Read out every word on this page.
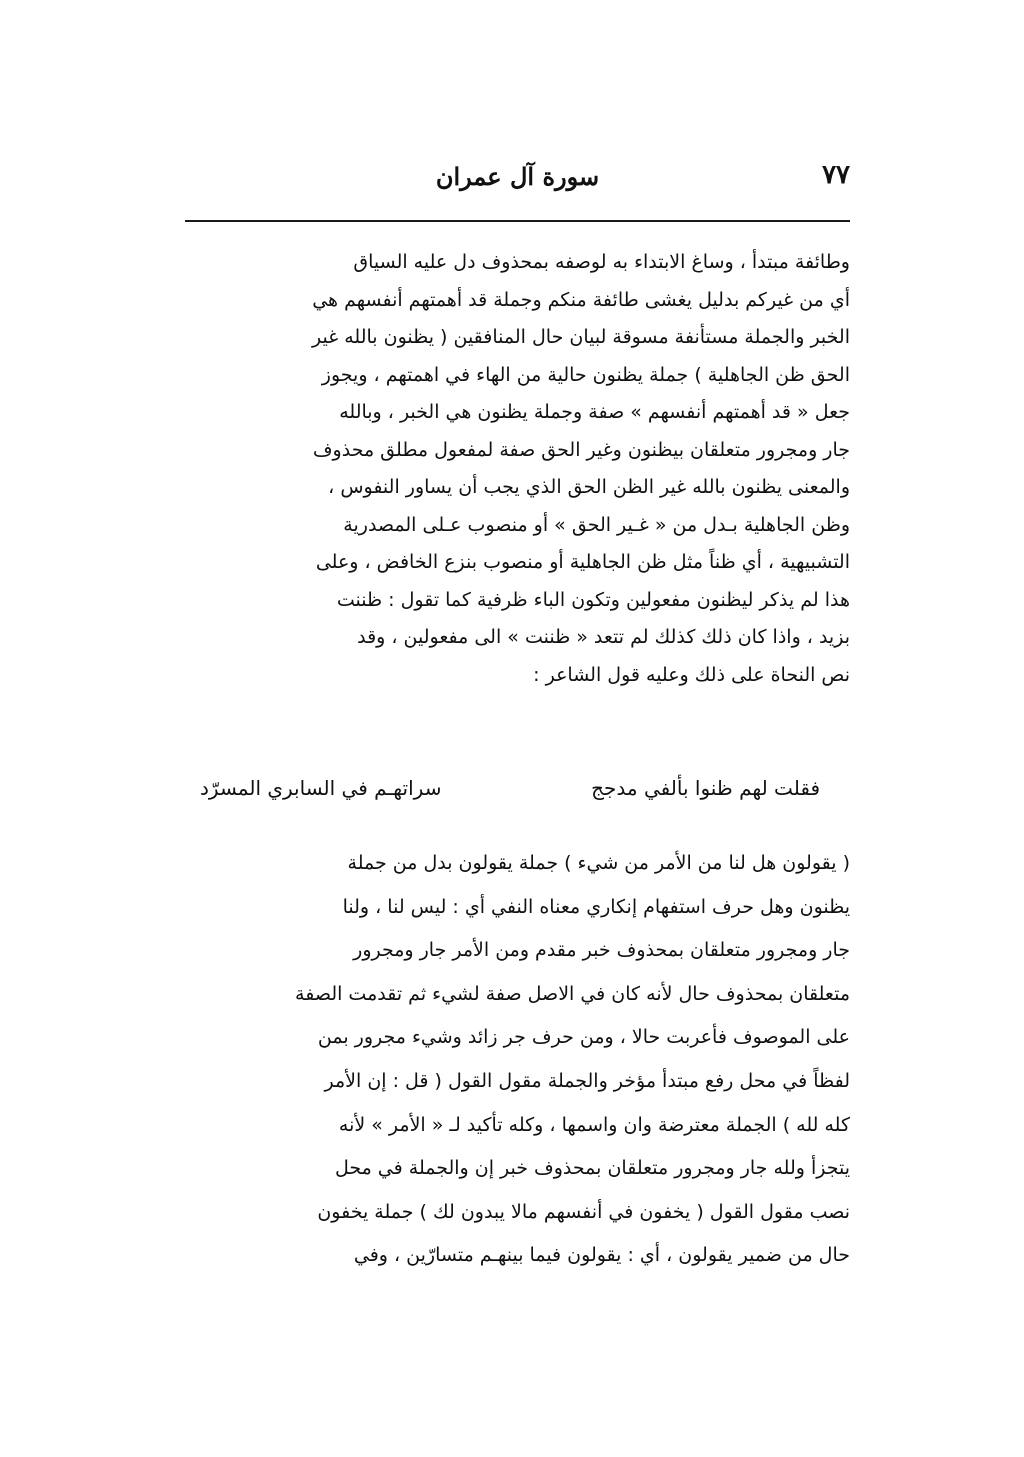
٧٧
سورة آل عمران
وطائفة مبتدأ ، وساغ الابتداء به لوصفه بمحذوف دل عليه السياق
أي من غيركم بدليل يغشى طائفة منكم وجملة قد أهمتهم أنفسهم هي
الخبر والجملة مستأنفة مسوقة لبيان حال المنافقين ( يظنون بالله غير
الحق ظن الجاهلية ) جملة يظنون حالية من الهاء في اهمتهم ، ويجوز
جعل « قد أهمتهم أنفسهم » صفة وجملة يظنون هي الخبر ، وبالله
جار ومجرور متعلقان بيظنون وغير الحق صفة لمفعول مطلق محذوف
والمعنى يظنون بالله غير الظن الحق الذي يجب أن يساور النفوس ،
وظن الجاهلية بـدل من « غـير الحق » أو منصوب عـلى المصدرية
التشبيهية ، أي ظناً مثل ظن الجاهلية أو منصوب بنزع الخافض ، وعلى
هذا لم يذكر ليظنون مفعولين وتكون الباء ظرفية كما تقول : ظننت
بزيد ، واذا كان ذلك كذلك لم تتعد « ظننت » الى مفعولين ، وقد
نص النحاة على ذلك وعليه قول الشاعر :
فقلت لهم ظنوا بألفي مدجج
سراتهـم في السابري المسرّد
( يقولون هل لنا من الأمر من شيء ) جملة يقولون بدل من جملة
يظنون وهل حرف استفهام إنكاري معناه النفي أي : ليس لنا ، ولنا
جار ومجرور متعلقان بمحذوف خبر مقدم ومن الأمر جار ومجرور
متعلقان بمحذوف حال لأنه كان في الاصل صفة لشيء ثم تقدمت الصفة
على الموصوف فأعربت حالا ، ومن حرف جر زائد وشيء مجرور بمن
لفظاً في محل رفع مبتدأ مؤخر والجملة مقول القول ( قل : إن الأمر
كله لله ) الجملة معترضة وان واسمها ، وكله تأكيد لـ « الأمر » لأنه
يتجزأ ولله جار ومجرور متعلقان بمحذوف خبر إن والجملة في محل
نصب مقول القول ( يخفون في أنفسهم مالا يبدون لك ) جملة يخفون
حال من ضمير يقولون ، أي : يقولون فيما بينهـم متسارّين ، وفي
